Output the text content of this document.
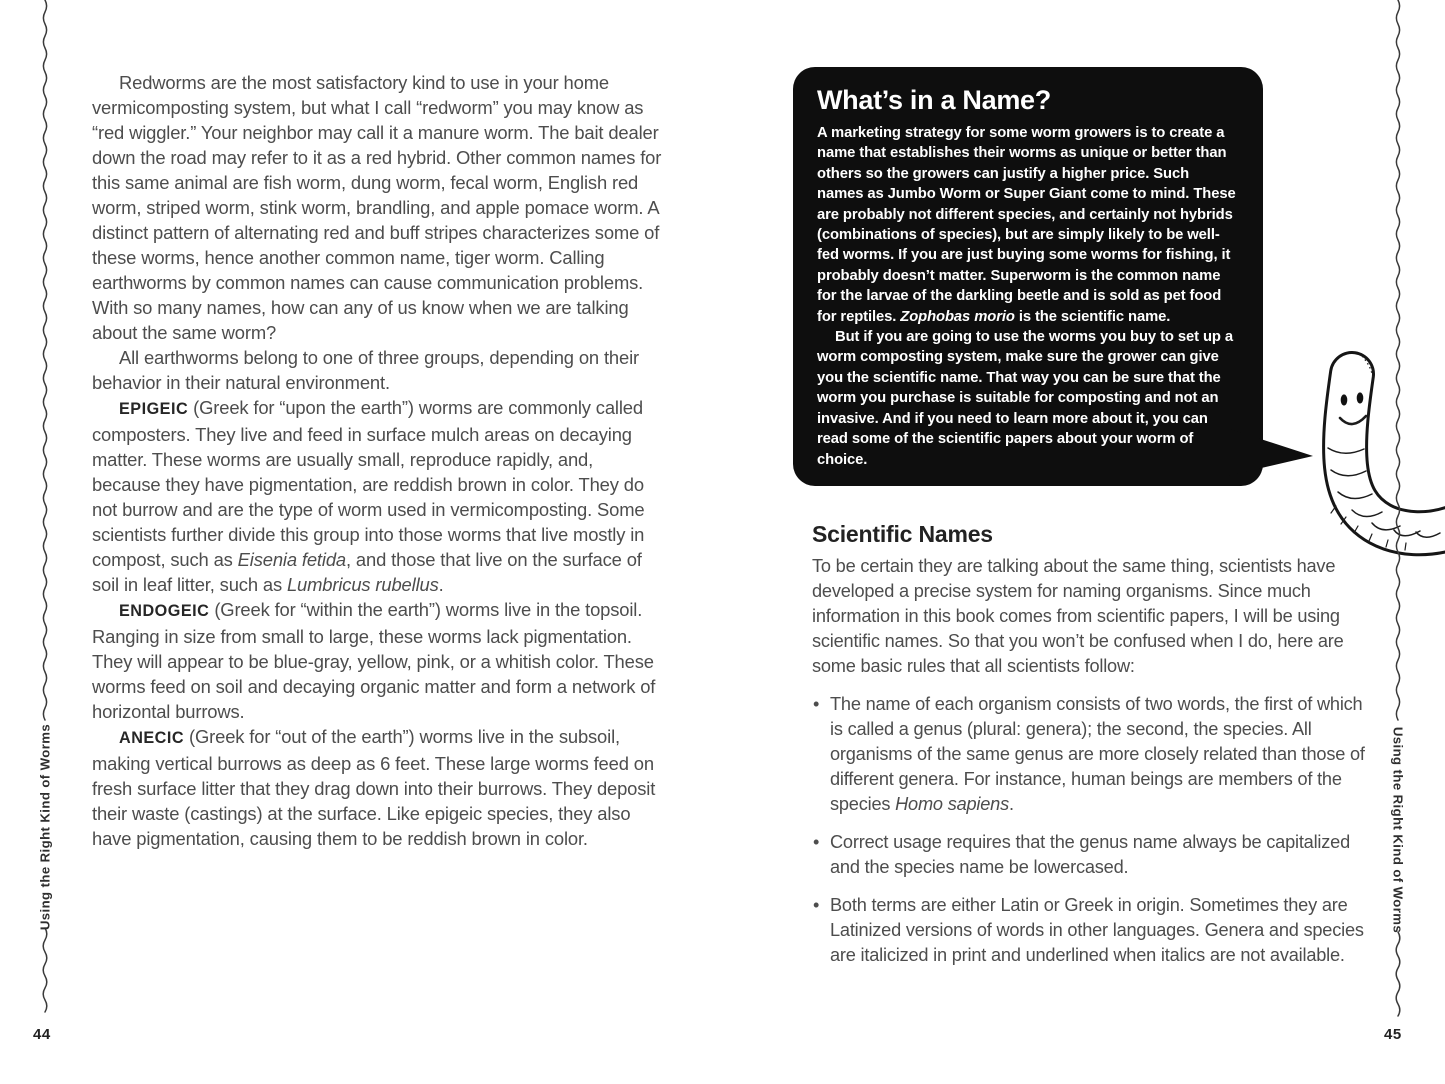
Redworms are the most satisfactory kind to use in your home vermicomposting system, but what I call “redworm” you may know as “red wiggler.” Your neighbor may call it a manure worm. The bait dealer down the road may refer to it as a red hybrid. Other common names for this same animal are fish worm, dung worm, fecal worm, English red worm, striped worm, stink worm, brandling, and apple pomace worm. A distinct pattern of alternating red and buff stripes characterizes some of these worms, hence another common name, tiger worm. Calling earthworms by common names can cause communication problems. With so many names, how can any of us know when we are talking about the same worm?
All earthworms belong to one of three groups, depending on their behavior in their natural environment.
EPIGEIC (Greek for “upon the earth”) worms are commonly called composters. They live and feed in surface mulch areas on decaying matter. These worms are usually small, reproduce rapidly, and, because they have pigmentation, are reddish brown in color. They do not burrow and are the type of worm used in vermicomposting. Some scientists further divide this group into those worms that live mostly in compost, such as Eisenia fetida, and those that live on the surface of soil in leaf litter, such as Lumbricus rubellus.
ENDOGEIC (Greek for “within the earth”) worms live in the topsoil. Ranging in size from small to large, these worms lack pigmentation. They will appear to be blue-gray, yellow, pink, or a whitish color. These worms feed on soil and decaying organic matter and form a network of horizontal burrows.
ANECIC (Greek for “out of the earth”) worms live in the subsoil, making vertical burrows as deep as 6 feet. These large worms feed on fresh surface litter that they drag down into their burrows. They deposit their waste (castings) at the surface. Like epigeic species, they also have pigmentation, causing them to be reddish brown in color.
What’s in a Name?
A marketing strategy for some worm growers is to create a name that establishes their worms as unique or better than others so the growers can justify a higher price. Such names as Jumbo Worm or Super Giant come to mind. These are probably not different species, and certainly not hybrids (combinations of species), but are simply likely to be well-fed worms. If you are just buying some worms for fishing, it probably doesn’t matter. Superworm is the common name for the larvae of the darkling beetle and is sold as pet food for reptiles. Zophobas morio is the scientific name.
But if you are going to use the worms you buy to set up a worm composting system, make sure the grower can give you the scientific name. That way you can be sure that the worm you purchase is suitable for composting and not an invasive. And if you need to learn more about it, you can read some of the scientific papers about your worm of choice.
Scientific Names
To be certain they are talking about the same thing, scientists have developed a precise system for naming organisms. Since much information in this book comes from scientific papers, I will be using scientific names. So that you won’t be confused when I do, here are some basic rules that all scientists follow:
• The name of each organism consists of two words, the first of which is called a genus (plural: genera); the second, the species. All organisms of the same genus are more closely related than those of different genera. For instance, human beings are members of the species Homo sapiens.
• Correct usage requires that the genus name always be capitalized and the species name be lowercased.
• Both terms are either Latin or Greek in origin. Sometimes they are Latinized versions of words in other languages. Genera and species are italicized in print and underlined when italics are not available.
Using the Right Kind of Worms	Using the Right Kind of Worms
44	45
